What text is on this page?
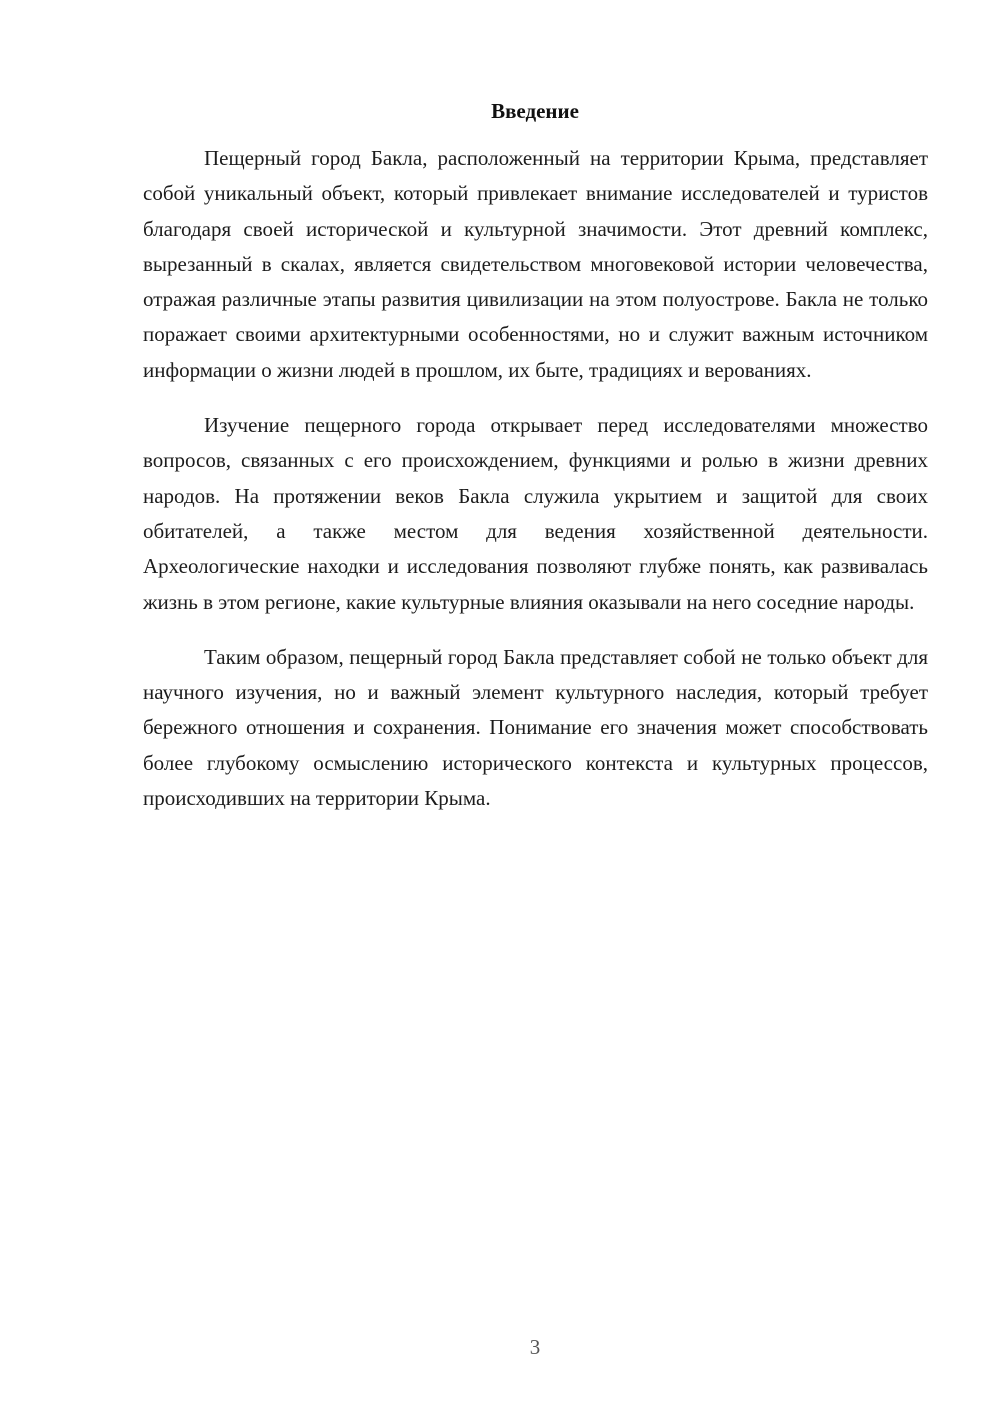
Введение

Пещерный город Бакла, расположенный на территории Крыма, представляет собой уникальный объект, который привлекает внимание исследователей и туристов благодаря своей исторической и культурной значимости. Этот древний комплекс, вырезанный в скалах, является свидетельством многовековой истории человечества, отражая различные этапы развития цивилизации на этом полуострове. Бакла не только поражает своими архитектурными особенностями, но и служит важным источником информации о жизни людей в прошлом, их быте, традициях и верованиях.

Изучение пещерного города открывает перед исследователями множество вопросов, связанных с его происхождением, функциями и ролью в жизни древних народов. На протяжении веков Бакла служила укрытием и защитой для своих обитателей, а также местом для ведения хозяйственной деятельности. Археологические находки и исследования позволяют глубже понять, как развивалась жизнь в этом регионе, какие культурные влияния оказывали на него соседние народы.

Таким образом, пещерный город Бакла представляет собой не только объект для научного изучения, но и важный элемент культурного наследия, который требует бережного отношения и сохранения. Понимание его значения может способствовать более глубокому осмыслению исторического контекста и культурных процессов, происходивших на территории Крыма.

3
